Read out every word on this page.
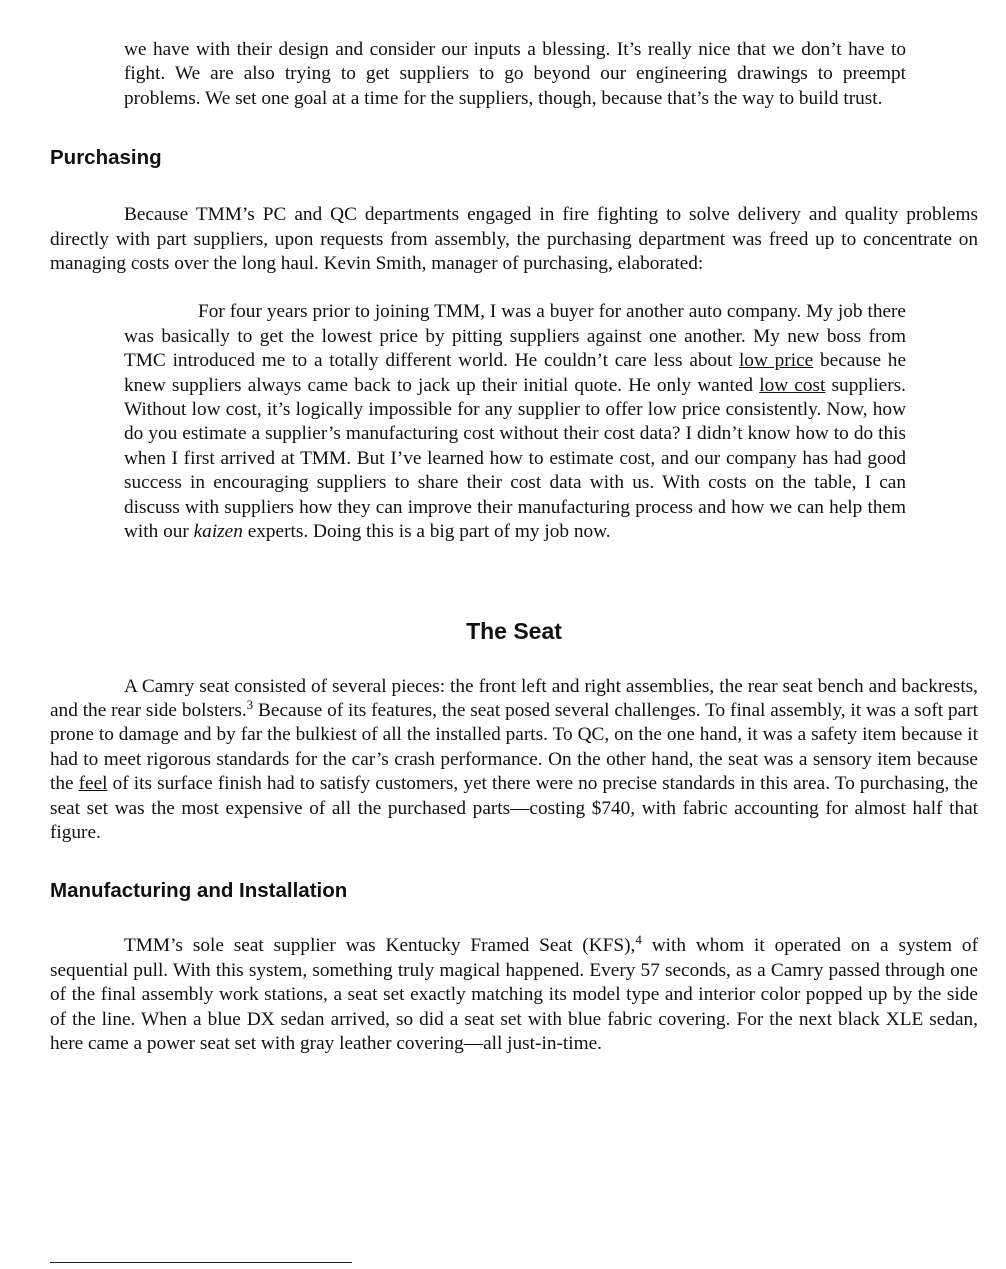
we have with their design and consider our inputs a blessing. It’s really nice that we don’t have to fight. We are also trying to get suppliers to go beyond our engineering drawings to preempt problems. We set one goal at a time for the suppliers, though, because that’s the way to build trust.

Purchasing

Because TMM’s PC and QC departments engaged in fire fighting to solve delivery and quality problems directly with part suppliers, upon requests from assembly, the purchasing department was freed up to concentrate on managing costs over the long haul. Kevin Smith, manager of purchasing, elaborated:

For four years prior to joining TMM, I was a buyer for another auto company. My job there was basically to get the lowest price by pitting suppliers against one another. My new boss from TMC introduced me to a totally different world. He couldn’t care less about low price because he knew suppliers always came back to jack up their initial quote. He only wanted low cost suppliers. Without low cost, it’s logically impossible for any supplier to offer low price consistently. Now, how do you estimate a supplier’s manufacturing cost without their cost data? I didn’t know how to do this when I first arrived at TMM. But I’ve learned how to estimate cost, and our company has had good success in encouraging suppliers to share their cost data with us. With costs on the table, I can discuss with suppliers how they can improve their manufacturing process and how we can help them with our kaizen experts. Doing this is a big part of my job now.

The Seat

A Camry seat consisted of several pieces: the front left and right assemblies, the rear seat bench and backrests, and the rear side bolsters.$^3$ Because of its features, the seat posed several challenges. To final assembly, it was a soft part prone to damage and by far the bulkiest of all the installed parts. To QC, on the one hand, it was a safety item because it had to meet rigorous standards for the car’s crash performance. On the other hand, the seat was a sensory item because the feel of its surface finish had to satisfy customers, yet there were no precise standards in this area. To purchasing, the seat set was the most expensive of all the purchased parts—costing $740, with fabric accounting for almost half that figure.

Manufacturing and Installation

TMM’s sole seat supplier was Kentucky Framed Seat (KFS),$^4$ with whom it operated on a system of sequential pull. With this system, something truly magical happened. Every 57 seconds, as a Camry passed through one of the final assembly work stations, a seat set exactly matching its model type and interior color popped up by the side of the line. When a blue DX sedan arrived, so did a seat set with blue fabric covering. For the next black XLE sedan, here came a power seat set with gray leather covering—all just-in-time.
